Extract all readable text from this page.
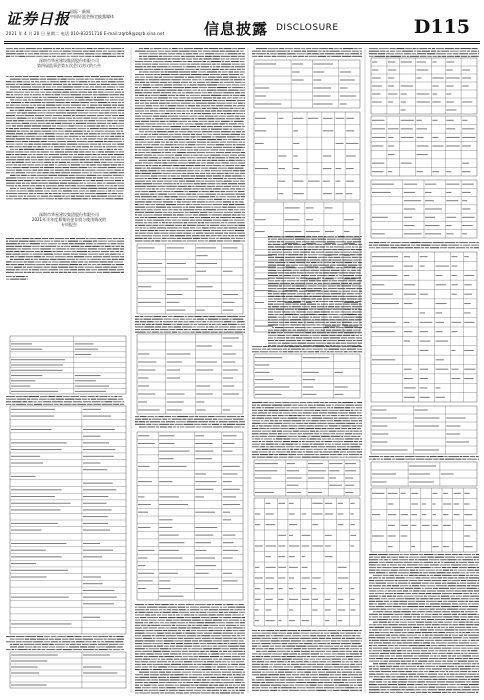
证券日报 国际 · 新闻
中国证监会指定披露媒体
2021 年 4 月 20 日 星期二 电话 010-83251716 E-mail:zqrb9@zqrb.sina.net	信息披露 DISCLOSURE	D115
深圳市华星建设集团股份有限公司
第四届监事会第五次会议决议的公告
深圳市华星建设集团股份有限公司
2021年半年度募集资金存放与使用情况的
专项报告
